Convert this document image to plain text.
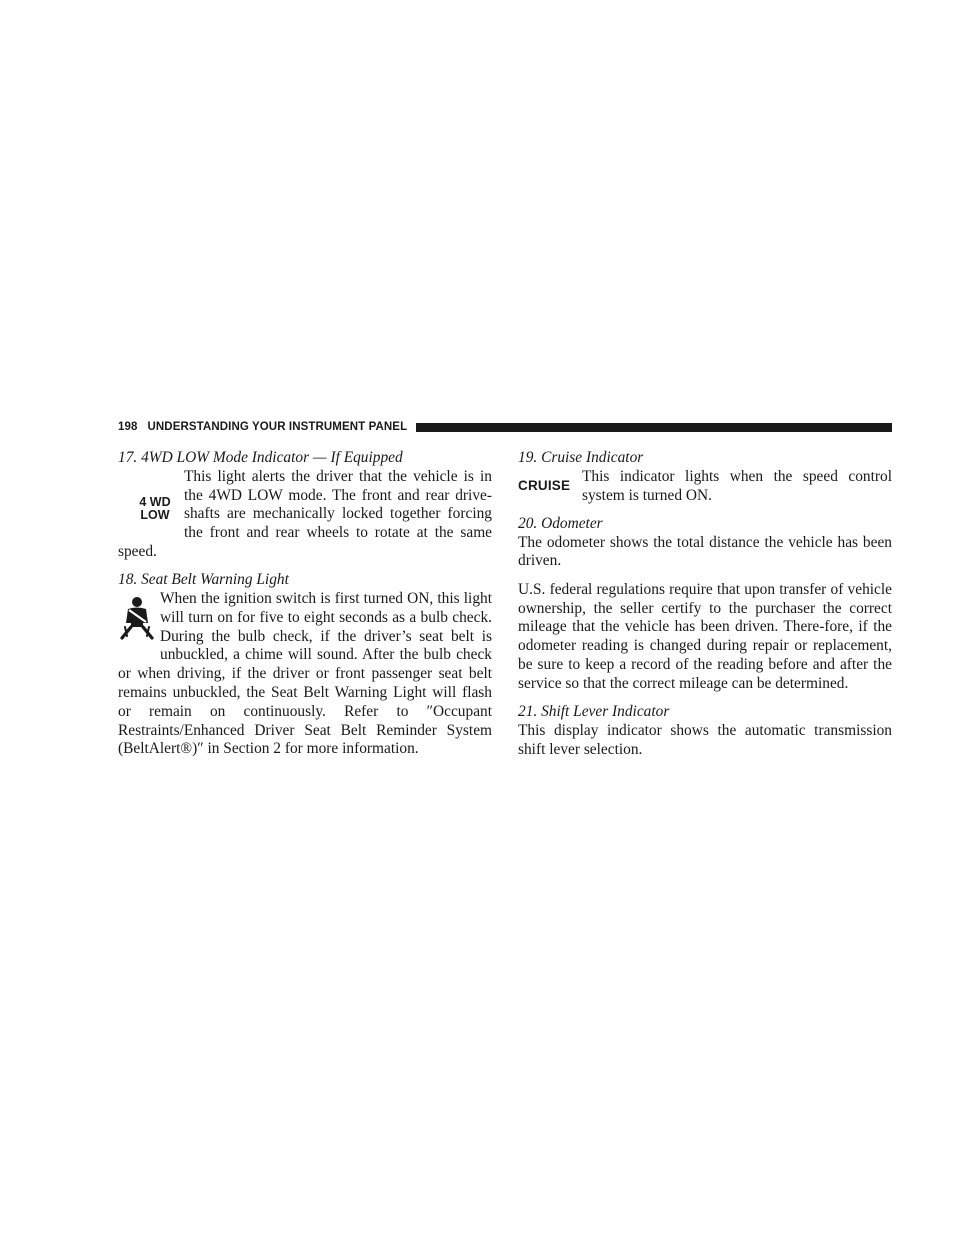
198 UNDERSTANDING YOUR INSTRUMENT PANEL

17. 4WD LOW Mode Indicator — If Equipped

4 WD
LOW

This light alerts the driver that the vehicle is in the 4WD LOW mode. The front and rear drive-shafts are mechanically locked together forcing the front and rear wheels to rotate at the same speed.

18. Seat Belt Warning Light

When the ignition switch is first turned ON, this light will turn on for five to eight seconds as a bulb check. During the bulb check, if the driver’s seat belt is unbuckled, a chime will sound. After the bulb check or when driving, if the driver or front passenger seat belt remains unbuckled, the Seat Belt Warning Light will flash or remain on continuously. Refer to ″Occupant Restraints/Enhanced Driver Seat Belt Reminder System (BeltAlert®)″ in Section 2 for more information.

19. Cruise Indicator

CRUISE

This indicator lights when the speed control system is turned ON.

20. Odometer

The odometer shows the total distance the vehicle has been driven.

U.S. federal regulations require that upon transfer of vehicle ownership, the seller certify to the purchaser the correct mileage that the vehicle has been driven. There-fore, if the odometer reading is changed during repair or replacement, be sure to keep a record of the reading before and after the service so that the correct mileage can be determined.

21. Shift Lever Indicator

This display indicator shows the automatic transmission shift lever selection.
